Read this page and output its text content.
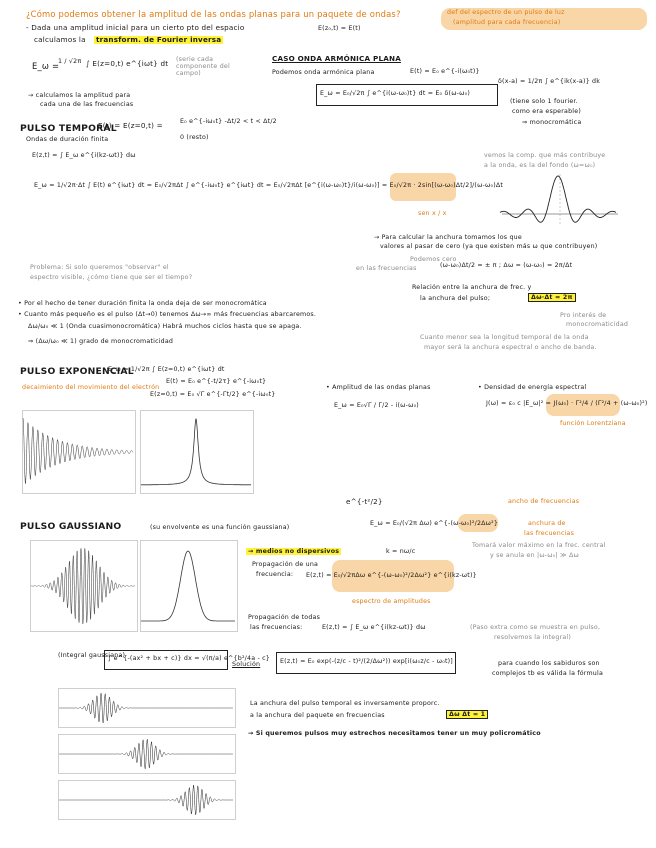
¿Cómo podemos obtener la amplitud de las ondas planas para un paquete de ondas?	def del espectro de un pulso de luz
(amplitud para cada frecuencia)
- Dada una amplitud inicial para un cierto pto del espacio	E(z₀,t) = E(t)
calculamos la transform. de Fourier inversa
E_ω =
1 / √2π ∫ E(z=0,t) e^{iωt} dt (serie cada componente del campo)
→ calculamos la amplitud para
cada una de las frecuencias
CASO ONDA ARMÓNICA PLANA
Podemos onda armónica plana	E(t) = E₀ e^{-i(ω₀t)}
δ(x-a) = 1/2π ∫ e^{ik(x-a)} dk
E_ω = E₀/√2π ∫ e^{i(ω-ω₀)t} dt = E₀ δ(ω-ω₀)
(tiene solo 1 fourier.
como era esperable)
⇒ monocromática
PULSO TEMPORAL
Ondas de duración finita
E(t) = E(z=0,t) =	E₀ e^{-iω₀t} -Δt/2 < t < Δt/2
0 (resto)
E(z,t) = ∫ E_ω e^{i(kz-ωt)} dω
E_ω = 1/√2π·Δt ∫ E(t) e^{iωt} dt = E₀/√2πΔt ∫ e^{-iω₀t} e^{iωt} dt = E₀/√2πΔt [e^{i(ω-ω₀)t}/i(ω-ω₀)] = E₀/√2π · 2sin[(ω-ω₀)Δt/2]/(ω-ω₀)Δt
sen x / x
vemos la comp. que más contribuye
a la onda, es la del fondo (ω=ω₀)
→ Para calcular la anchura tomamos los que
valores al pasar de cero (ya que existen más ω que contribuyen)
Podemos cero
en las frecuencias	(ω-ω₀)Δt/2 = ± π ; Δω = (ω-ω₀) = 2π/Δt
Problema: Si solo queremos "observar" el
espectro visible, ¿cómo tiene que ser el tiempo?
Relación entre la anchura de frec. y
la anchura del pulso;	Δω·Δt = 2π
• Por el hecho de tener duración finita la onda deja de ser monocromática
• Cuanto más pequeño es el pulso (Δt→0) tenemos Δω→∞ más frecuencias abarcaremos.
Δω/ω₀ ≪ 1 (Onda cuasimonocromática) Habrá muchos ciclos hasta que se apaga.
⇒ (Δω/ω₀ ≪ 1) grado de monocromaticidad
Pro interés de
monocromaticidad
Cuanto menor sea la longitud temporal de la onda
mayor será la anchura espectral o ancho de banda.
PULSO EXPONENCIAL
E_ω = 1/√2π ∫ E(z=0,t) e^{iωt} dt
E(t) = E₀ e^{-t/2τ} e^{-iω₀t}
E(z=0,t) = E₀ √Γ e^{-Γt/2} e^{-iω₀t}
decaimiento del movimiento del electrón	• Amplitud de las ondas planas
E_ω = E₀√Γ / Γ/2 - i(ω-ω₀)
• Densidad de energía espectral
J(ω) = ε₀ c |E_ω|² = J(ω₀) · Γ²/4 / (Γ²/4 + (ω-ω₀)²)
función Lorentziana
e^{-t²/2}	ancho de frecuencias
PULSO GAUSSIANO	(su envolvente es una función gaussiana)
E_ω = E₀/(√2π Δω) e^{-(ω-ω₀)²/2Δω²}	anchura de
las frecuencias
Tomará valor máximo en la frec. central
y se anula en |ω-ω₀| ≫ Δω
→ medios no dispersivos	k = nω/c
Propagación de una
frecuencia: E(z,t) = E₀/√2πΔω e^{-(ω-ω₀)²/2Δω²} e^{i(kz-ωt)}
espectro de amplitudes
Propagación de todas
las frecuencias:	E(z,t) = ∫ E_ω e^{i(kz-ωt)} dω	(Paso extra como se muestra en pulso,
resolvemos la integral)
(Integral gaussiana)
∫ e^{-(ax² + bx + c)} dx = √(π/a) e^{b²/4a - c}
Solución	E(z,t) = E₀ exp(-(z/c - t)²/(2/Δω²)) exp[i(ω₀z/c - ω₀t)]	para cuando los sabiduros son
complejos tb es válida la fórmula
La anchura del pulso temporal es inversamente proporc.
a la anchura del paquete en frecuencias	Δω Δt = 1
→ Si queremos pulsos muy estrechos necesitamos tener un muy policromático
